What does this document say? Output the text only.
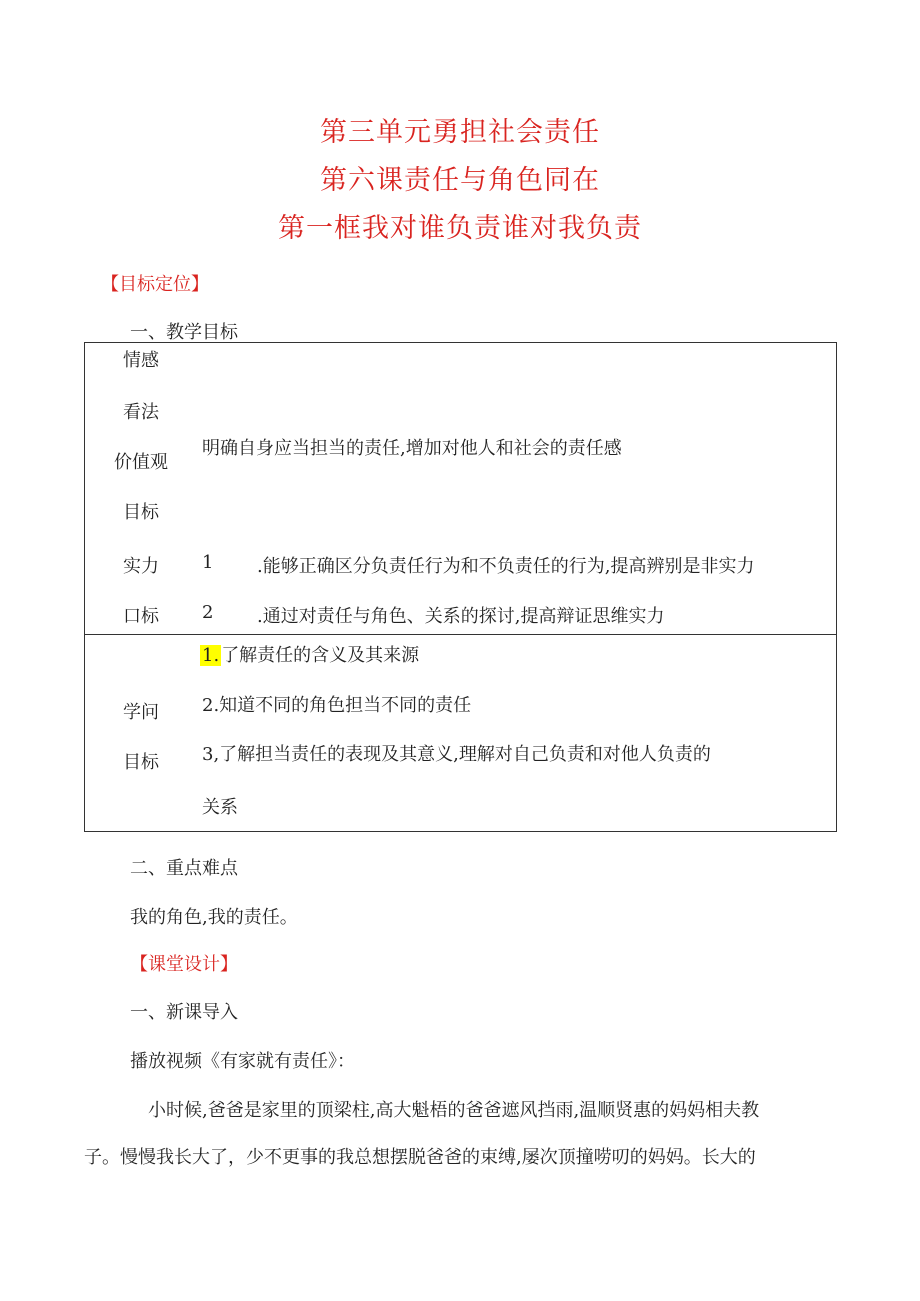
第三单元勇担社会责任
第六课责任与角色同在
第一框我对谁负责谁对我负责
【目标定位】
一、教学目标
情感
看法
价值观
目标
明确自身应当担当的责任,增加对他人和社会的责任感
实力
口标
1 .能够正确区分负责任行为和不负责任的行为,提高辨别是非实力
2 .通过对责任与角色、关系的探讨,提高辩证思维实力
学问
目标
1. 了解责任的含义及其来源
2.知道不同的角色担当不同的责任
3,了解担当责任的表现及其意义,理解对自己负责和对他人负责的
关系
二、重点难点
我的角色,我的责任。
【课堂设计】
一、新课导入
播放视频《有家就有责任》：
小时候,爸爸是家里的顶梁柱,高大魁梧的爸爸遮风挡雨,温顺贤惠的妈妈相夫教
子。慢慢我长大了，少不更事的我总想摆脱爸爸的束缚,屡次顶撞唠叨的妈妈。长大的
